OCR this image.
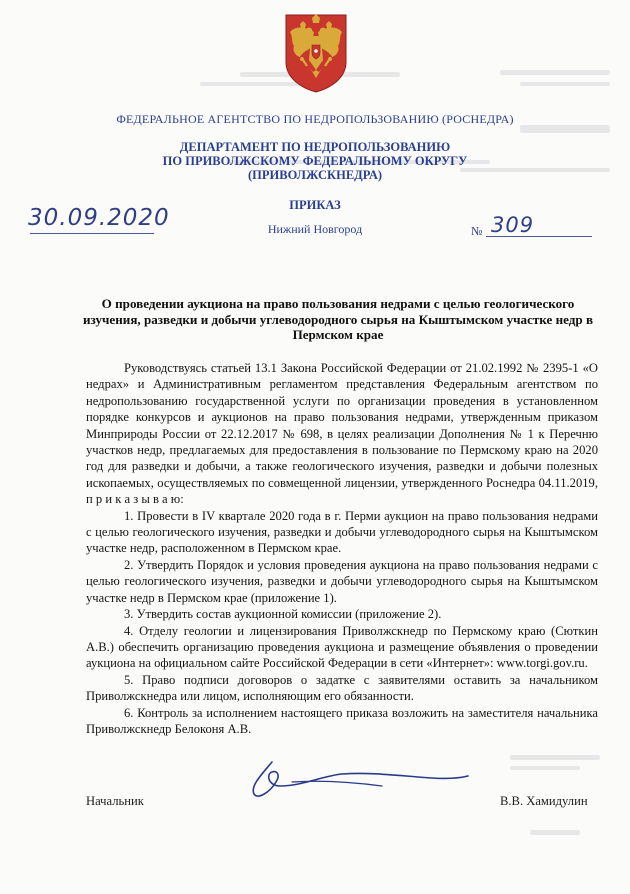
ФЕДЕРАЛЬНОЕ АГЕНТСТВО ПО НЕДРОПОЛЬЗОВАНИЮ (РОСНЕДРА)
ДЕПАРТАМЕНТ ПО НЕДРОПОЛЬЗОВАНИЮ
ПО ПРИВОЛЖСКОМУ ФЕДЕРАЛЬНОМУ ОКРУГУ
(ПРИВОЛЖСКНЕДРА)
ПРИКАЗ
30.09.2020	Нижний Новгород	№ 309
О проведении аукциона на право пользования недрами с целью геологического изучения, разведки и добычи углеводородного сырья на Кыштымском участке недр в Пермском крае

Руководствуясь статьей 13.1 Закона Российской Федерации от 21.02.1992 № 2395-1 «О недрах» и Административным регламентом представления Федеральным агентством по недропользованию государственной услуги по организации проведения в установленном порядке конкурсов и аукционов на право пользования недрами, утвержденным приказом Минприроды России от 22.12.2017 № 698, в целях реализации Дополнения № 1 к Перечню участков недр, предлагаемых для предоставления в пользование по Пермскому краю на 2020 год для разведки и добычи, а также геологического изучения, разведки и добычи полезных ископаемых, осуществляемых по совмещенной лицензии, утвержденного Роснедра 04.11.2019, п р и к а з ы в а ю:

1. Провести в IV квартале 2020 года в г. Перми аукцион на право пользования недрами с целью геологического изучения, разведки и добычи углеводородного сырья на Кыштымском участке недр, расположенном в Пермском крае.

2. Утвердить Порядок и условия проведения аукциона на право пользования недрами с целью геологического изучения, разведки и добычи углеводородного сырья на Кыштымском участке недр в Пермском крае (приложение 1).

3. Утвердить состав аукционной комиссии (приложение 2).

4. Отделу геологии и лицензирования Приволжскнедр по Пермскому краю (Сюткин А.В.) обеспечить организацию проведения аукциона и размещение объявления о проведении аукциона на официальном сайте Российской Федерации в сети «Интернет»: www.torgi.gov.ru.

5. Право подписи договоров о задатке с заявителями оставить за начальником Приволжскнедра или лицом, исполняющим его обязанности.

6. Контроль за исполнением настоящего приказа возложить на заместителя начальника Приволжскнедр Белоконя А.В.

Начальник	В.В. Хамидулин
